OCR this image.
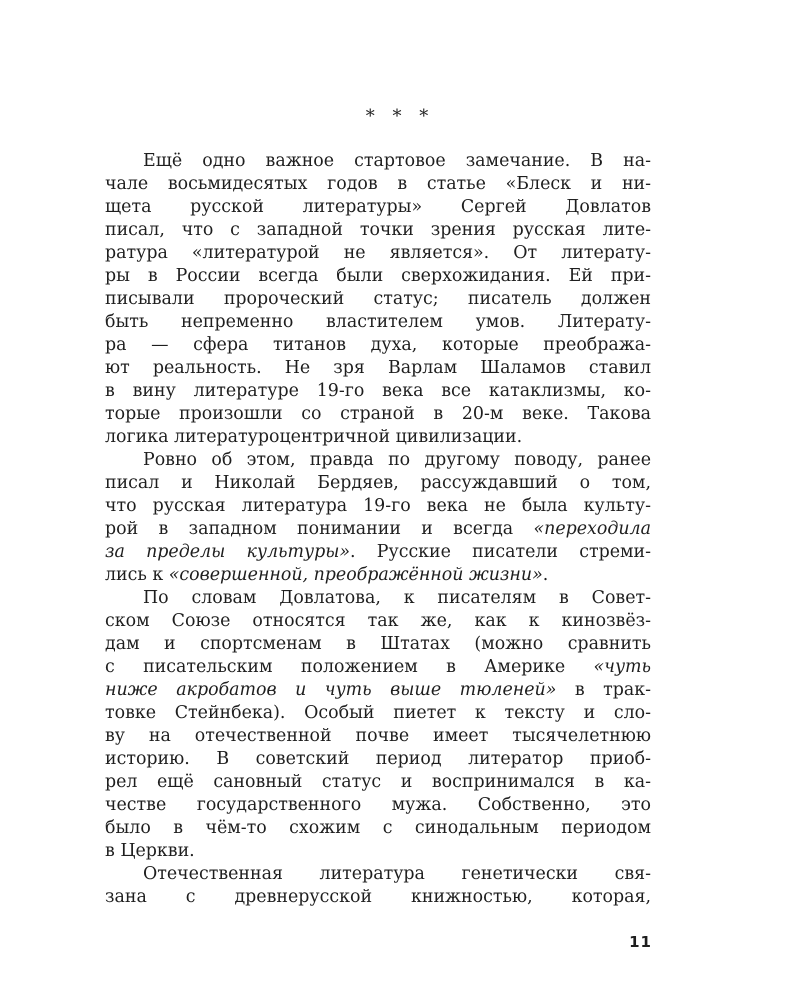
* * *
Ещё одно важное стартовое замечание. В на-
чале восьмидесятых годов в статье «Блеск и ни-
щета русской литературы» Сергей Довлатов
писал, что с западной точки зрения русская лите-
ратура «литературой не является». От литерату-
ры в России всегда были сверхожидания. Ей при-
писывали пророческий статус; писатель должен
быть непременно властителем умов. Литерату-
ра — сфера титанов духа, которые преобража-
ют реальность. Не зря Варлам Шаламов ставил
в вину литературе 19-го века все катаклизмы, ко-
торые произошли со страной в 20-м веке. Такова
логика литературоцентричной цивилизации.
Ровно об этом, правда по другому поводу, ранее
писал и Николай Бердяев, рассуждавший о том,
что русская литература 19-го века не была культу-
рой в западном понимании и всегда «переходила
за пределы культуры». Русские писатели стреми-
лись к «совершенной, преображённой жизни».
По словам Довлатова, к писателям в Совет-
ском Союзе относятся так же, как к кинозвёз-
дам и спортсменам в Штатах (можно сравнить
с писательским положением в Америке «чуть
ниже акробатов и чуть выше тюленей» в трак-
товке Стейнбека). Особый пиетет к тексту и сло-
ву на отечественной почве имеет тысячелетнюю
историю. В советский период литератор приоб-
рел ещё сановный статус и воспринимался в ка-
честве государственного мужа. Собственно, это
было в чём-то схожим с синодальным периодом
в Церкви.
Отечественная литература генетически свя-
зана с древнерусской книжностью, которая,
11
